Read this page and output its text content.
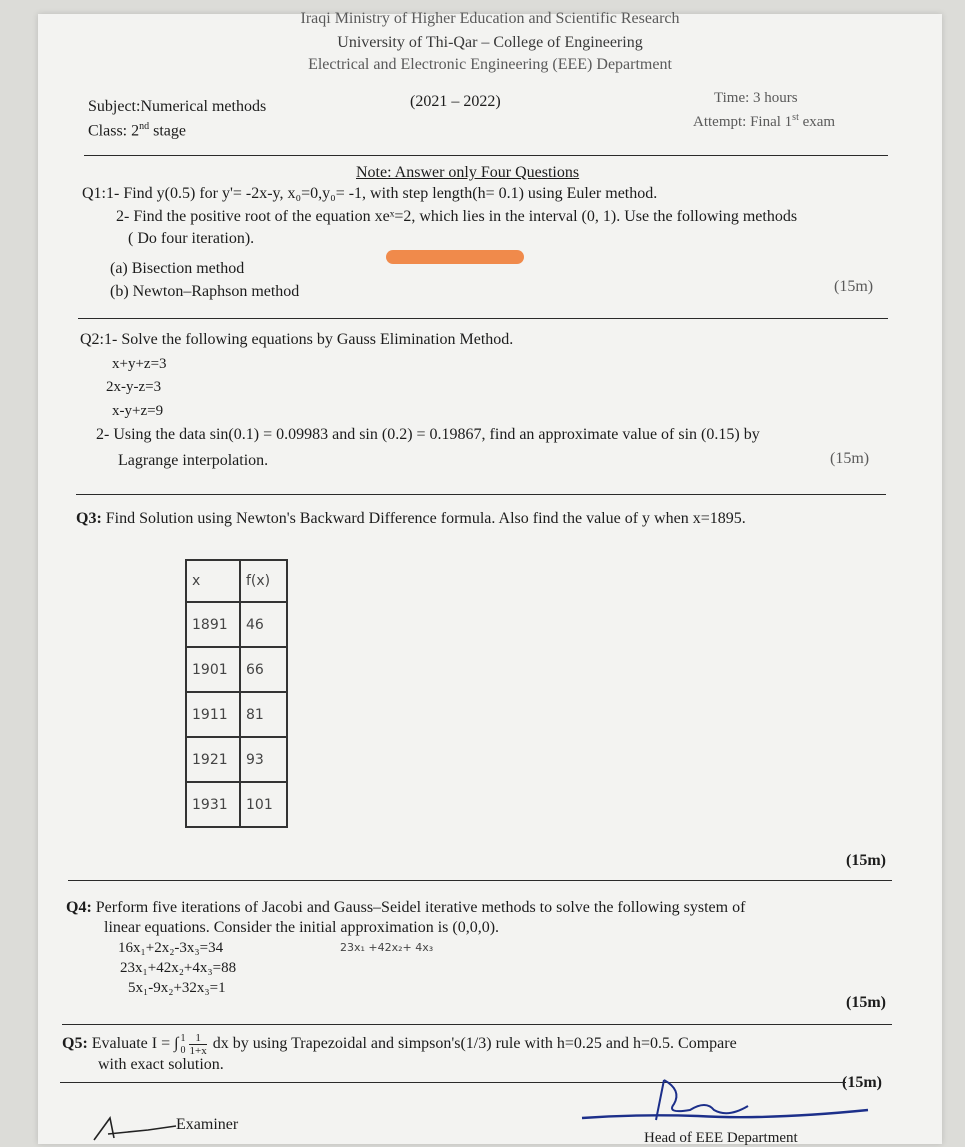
Iraqi Ministry of Higher Education and Scientific Research
University of Thi-Qar – College of Engineering
Electrical and Electronic Engineering (EEE) Department
Subject:Numerical methods
Class: 2nd stage
(2021 – 2022)	Time: 3 hours
Attempt: Final 1st exam
Note: Answer only Four Questions
Q1:1- Find y(0.5) for y'= -2x-y, x₀=0,y₀= -1, with step length(h= 0.1) using Euler method.
2- Find the positive root of the equation xeˣ=2, which lies in the interval (0, 1). Use the following methods
( Do four iteration).
(a) Bisection method
(b) Newton–Raphson method	(15m)
Q2:1- Solve the following equations by Gauss Elimination Method.
x+y+z=3
2x-y-z=3
x-y+z=9
2- Using the data sin(0.1) = 0.09983 and sin (0.2) = 0.19867, find an approximate value of sin (0.15) by
Lagrange interpolation.	(15m)
Q3: Find Solution using Newton's Backward Difference formula. Also find the value of y when x=1895.
x	f(x)
1891	46
1901	66
1911	81
1921	93
1931	101
(15m)
Q4: Perform five iterations of Jacobi and Gauss–Seidel iterative methods to solve the following system of
linear equations. Consider the initial approximation is (0,0,0).
16x₁+2x₂-3x₃=34	23x₁ +42x₂+ 4x₃
23x₁+42x₂+4x₃=88
5x₁-9x₂+32x₃=1
(15m)
Q5: Evaluate I = ∫ 1
$0 \frac{1}{1+x}$ dx by using Trapezoidal and simpson's(1/3) rule with h=0.25 and h=0.5. Compare
with exact solution.
(15m)
Examiner
Head of EEE Department
